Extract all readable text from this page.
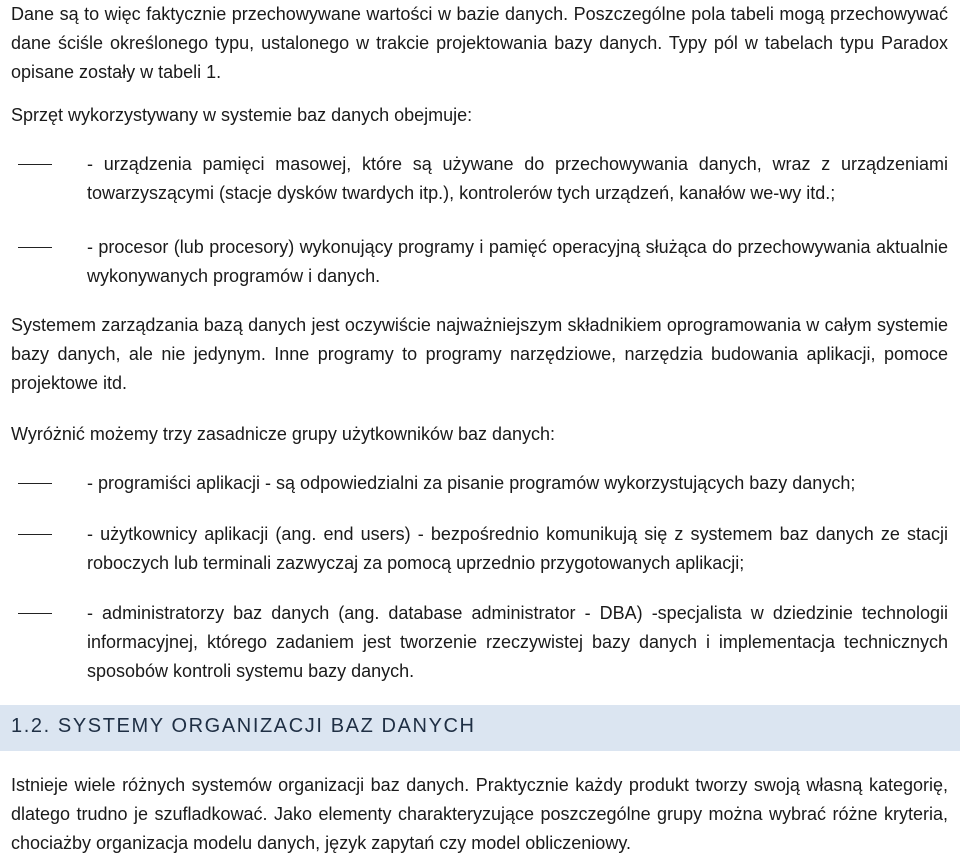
Dane są to więc faktycznie przechowywane wartości w bazie danych. Poszczególne pola tabeli mogą przechowywać dane ściśle określonego typu, ustalonego w trakcie projektowania bazy danych. Typy pól w tabelach typu Paradox opisane zostały w tabeli 1.

Sprzęt wykorzystywany w systemie baz danych obejmuje:

- urządzenia pamięci masowej, które są używane do przechowywania danych, wraz z urządzeniami towarzyszącymi (stacje dysków twardych itp.), kontrolerów tych urządzeń, kanałów we-wy itd.;
- procesor (lub procesory) wykonujący programy i pamięć operacyjną służąca do przechowywania aktualnie wykonywanych programów i danych.

Systemem zarządzania bazą danych jest oczywiście najważniejszym składnikiem oprogramowania w całym systemie bazy danych, ale nie jedynym. Inne programy to programy narzędziowe, narzędzia budowania aplikacji, pomoce projektowe itd.

Wyróżnić możemy trzy zasadnicze grupy użytkowników baz danych:

- programiści aplikacji - są odpowiedzialni za pisanie programów wykorzystujących bazy danych;
- użytkownicy aplikacji (ang. end users) - bezpośrednio komunikują się z systemem baz danych ze stacji roboczych lub terminali zazwyczaj za pomocą uprzednio przygotowanych aplikacji;
- administratorzy baz danych (ang. database administrator - DBA) -specjalista w dziedzinie technologii informacyjnej, którego zadaniem jest tworzenie rzeczywistej bazy danych i implementacja technicznych sposobów kontroli systemu bazy danych.
1.2. SYSTEMY ORGANIZACJI BAZ DANYCH

Istnieje wiele różnych systemów organizacji baz danych. Praktycznie każdy produkt tworzy swoją własną kategorię, dlatego trudno je szufladkować. Jako elementy charakteryzujące poszczególne grupy można wybrać różne kryteria, chociażby organizacja modelu danych, język zapytań czy model obliczeniowy.
